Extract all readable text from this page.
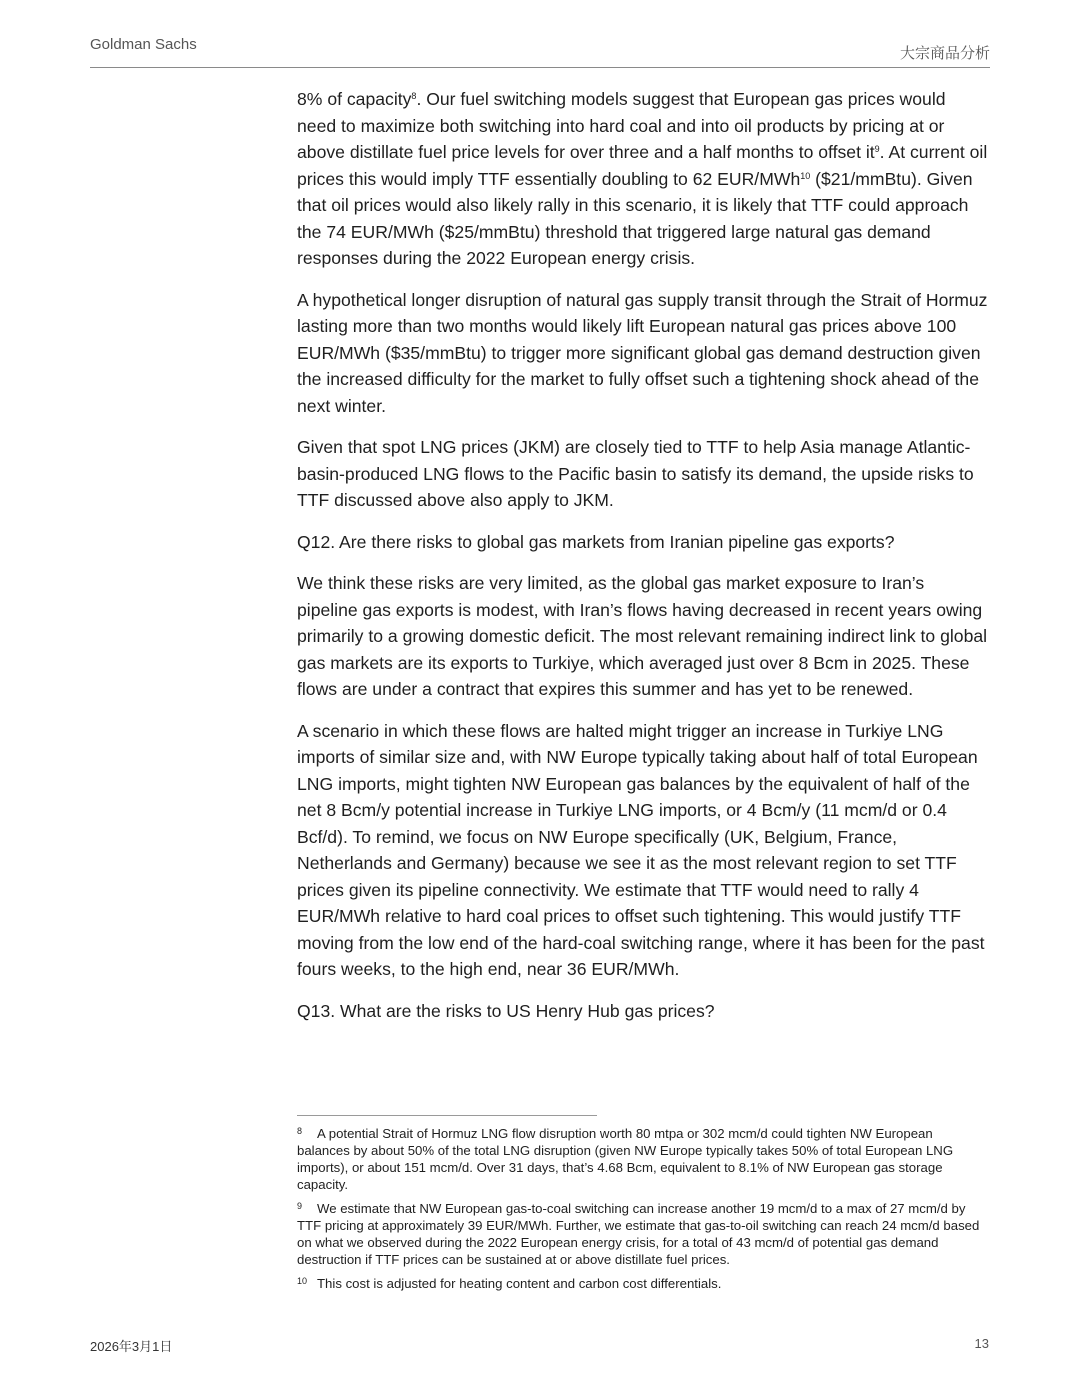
Goldman Sachs
大宗商品分析

8% of capacity$^8$. Our fuel switching models suggest that European gas prices would need to maximize both switching into hard coal and into oil products by pricing at or above distillate fuel price levels for over three and a half months to offset $it^9$. At current oil prices this would imply TTF essentially doubling to 62 EUR/MWh$^{10}$ ($21/mmBtu). Given that oil prices would also likely rally in this scenario, it is likely that TTF could approach the 74 EUR/MWh ($25/mmBtu) threshold that triggered large natural gas demand responses during the 2022 European energy crisis.

A hypothetical longer disruption of natural gas supply transit through the Strait of Hormuz lasting more than two months would likely lift European natural gas prices above 100 EUR/MWh ($35/mmBtu) to trigger more significant global gas demand destruction given the increased difficulty for the market to fully offset such a tightening shock ahead of the next winter.

Given that spot LNG prices (JKM) are closely tied to TTF to help Asia manage Atlantic-basin-produced LNG flows to the Pacific basin to satisfy its demand, the upside risks to TTF discussed above also apply to JKM.

Q12. Are there risks to global gas markets from Iranian pipeline gas exports?

We think these risks are very limited, as the global gas market exposure to Iran’s pipeline gas exports is modest, with Iran’s flows having decreased in recent years owing primarily to a growing domestic deficit. The most relevant remaining indirect link to global gas markets are its exports to Turkiye, which averaged just over 8 Bcm in 2025. These flows are under a contract that expires this summer and has yet to be renewed.

A scenario in which these flows are halted might trigger an increase in Turkiye LNG imports of similar size and, with NW Europe typically taking about half of total European LNG imports, might tighten NW European gas balances by the equivalent of half of the net 8 Bcm/y potential increase in Turkiye LNG imports, or 4 Bcm/y (11 mcm/d or 0.4 Bcf/d). To remind, we focus on NW Europe specifically (UK, Belgium, France, Netherlands and Germany) because we see it as the most relevant region to set TTF prices given its pipeline connectivity. We estimate that TTF would need to rally 4 EUR/MWh relative to hard coal prices to offset such tightening. This would justify TTF moving from the low end of the hard-coal switching range, where it has been for the past fours weeks, to the high end, near 36 EUR/MWh.

Q13. What are the risks to US Henry Hub gas prices?

8 A potential Strait of Hormuz LNG flow disruption worth 80 mtpa or 302 mcm/d could tighten NW European balances by about 50% of the total LNG disruption (given NW Europe typically takes 50% of total European LNG imports), or about 151 mcm/d. Over 31 days, that’s 4.68 Bcm, equivalent to 8.1% of NW European gas storage capacity.
9 We estimate that NW European gas-to-coal switching can increase another 19 mcm/d to a max of 27 mcm/d by TTF pricing at approximately 39 EUR/MWh. Further, we estimate that gas-to-oil switching can reach 24 mcm/d based on what we observed during the 2022 European energy crisis, for a total of 43 mcm/d of potential gas demand destruction if TTF prices can be sustained at or above distillate fuel prices.
10 This cost is adjusted for heating content and carbon cost differentials.
2026年3月1日	13
